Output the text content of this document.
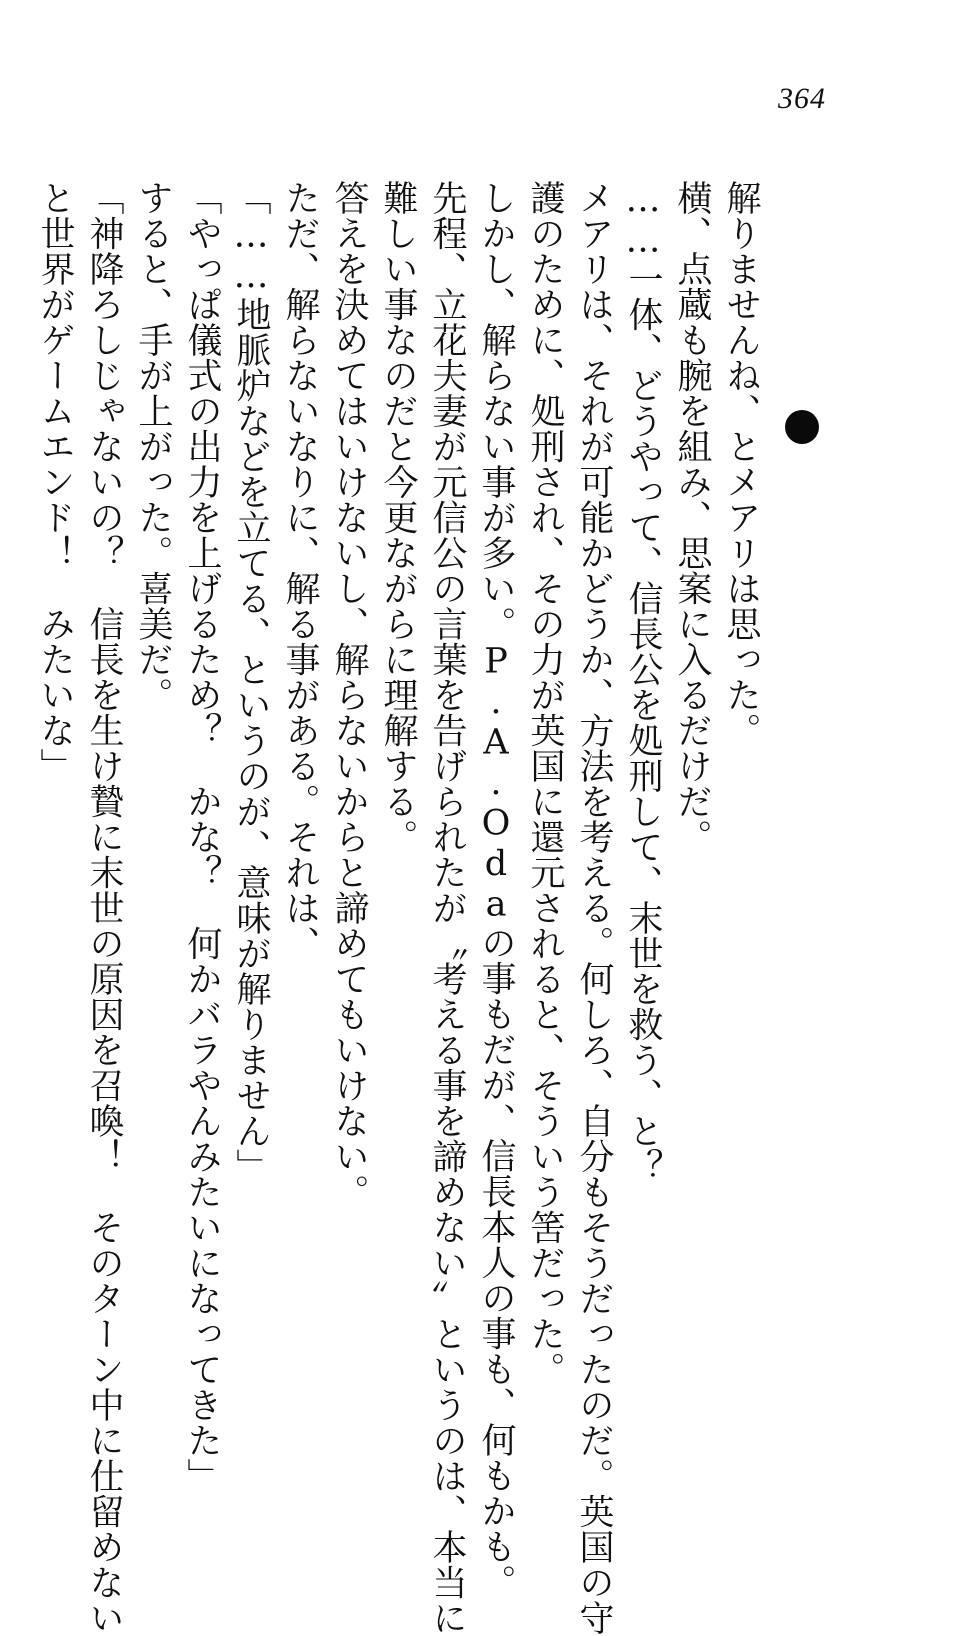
364
解りませんね、とメアリは思った。
横、点蔵も腕を組み、思案に入るだけだ。
……一体、どうやって、信長公を処刑して、末世を救う、と？
メアリは、それが可能かどうか、方法を考える。何しろ、自分もそうだったのだ。英国の守
護のために、処刑され、その力が英国に還元されると、そういう筈だった。
しかし、解らない事が多い。P.A.Odaの事もだが、信長本人の事も、何もかも。
先程、立花夫妻が元信公の言葉を告げられたが〝考える事を諦めない〟というのは、本当に
難しい事なのだと今更ながらに理解する。
答えを決めてはいけないし、解らないからと諦めてもいけない。
ただ、解らないなりに、解る事がある。それは、
「……地脈炉などを立てる、というのが、意味が解りません」
「やっぱ儀式の出力を上げるため？　かな？　何かバラやんみたいになってきた」
すると、手が上がった。喜美だ。
「神降ろしじゃないの？　信長を生け贄に末世の原因を召喚！　そのターン中に仕留めない
と世界がゲームエンド！　みたいな」
